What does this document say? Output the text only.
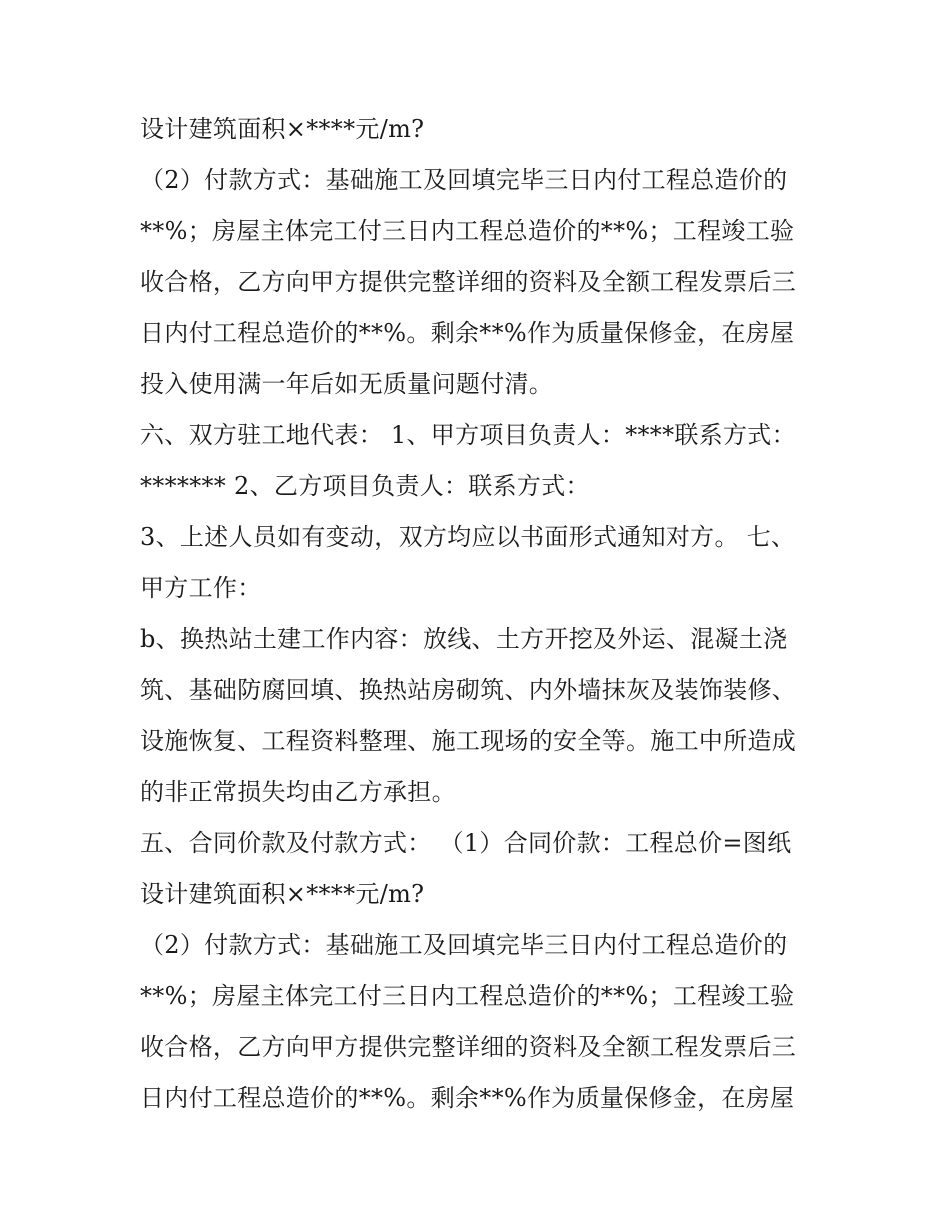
设计建筑面积×****元/m?
（2）付款方式：基础施工及回填完毕三日内付工程总造价的
**%；房屋主体完工付三日内工程总造价的**%；工程竣工验
收合格，乙方向甲方提供完整详细的资料及全额工程发票后三
日内付工程总造价的**%。剩余**%作为质量保修金，在房屋
投入使用满一年后如无质量问题付清。
六、双方驻工地代表： 1、甲方项目负责人：****联系方式：
******* 2、乙方项目负责人：联系方式：
3、上述人员如有变动，双方均应以书面形式通知对方。 七、
甲方工作：
b、换热站土建工作内容：放线、土方开挖及外运、混凝土浇
筑、基础防腐回填、换热站房砌筑、内外墙抹灰及装饰装修、
设施恢复、工程资料整理、施工现场的安全等。施工中所造成
的非正常损失均由乙方承担。
五、合同价款及付款方式： （1）合同价款：工程总价=图纸
设计建筑面积×****元/m?
（2）付款方式：基础施工及回填完毕三日内付工程总造价的
**%；房屋主体完工付三日内工程总造价的**%；工程竣工验
收合格，乙方向甲方提供完整详细的资料及全额工程发票后三
日内付工程总造价的**%。剩余**%作为质量保修金，在房屋
